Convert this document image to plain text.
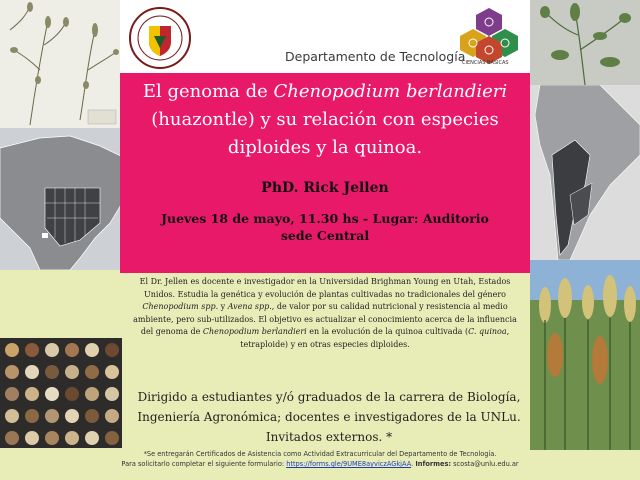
Departamento de Tecnología
CIENCIAS BÁSICAS
El genoma de Chenopodium berlandieri
(huazontle) y su relación con especies
diploides y la quinoa.
PhD. Rick Jellen
Jueves 18 de mayo, 11.30 hs - Lugar: Auditorio
sede Central
El Dr. Jellen es docente e investigador en la Universidad Brighman Young en Utah, Estados Unidos. Estudia la genética y evolución de plantas cultivadas no tradicionales del género Chenopodium spp. y Avena spp., de valor por su calidad nutricional y resistencia al medio ambiente, pero sub-utilizados. El objetivo es actualizar el conocimiento acerca de la influencia del genoma de Chenopodium berlandieri en la evolución de la quinoa cultivada (C. quinoa, tetraploide) y en otras especies diploides.
Dirigido a estudiantes y/ó graduados de la carrera de Biología,
Ingeniería Agronómica; docentes e investigadores de la UNLu.
Invitados externos. *
*Se entregarán Certificados de Asistencia como Actividad Extracurricular del Departamento de Tecnología.
Para solicitarlo completar el siguiente formulario: https://forms.gle/9UME8ayviczAGkjAA. Informes: scosta@unlu.edu.ar
